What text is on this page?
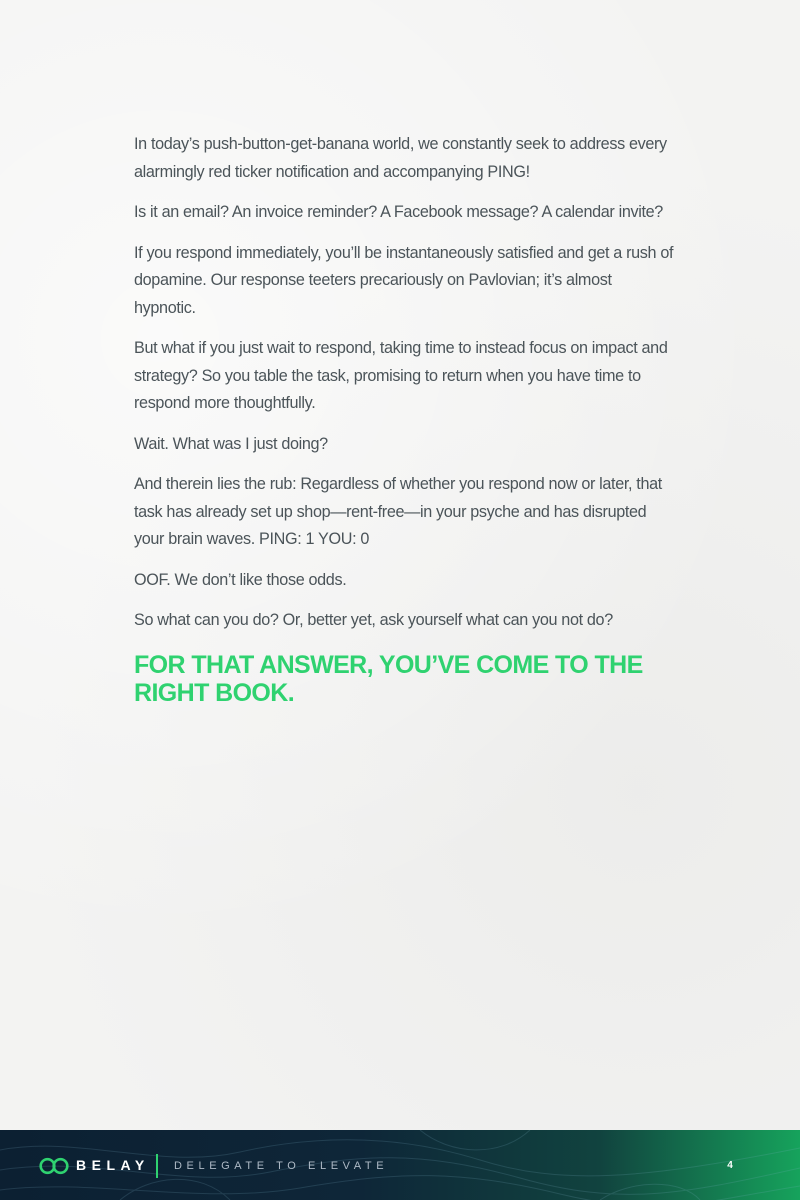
In today’s push-button-get-banana world, we constantly seek to address every alarmingly red ticker notification and accompanying PING!

Is it an email? An invoice reminder? A Facebook message? A calendar invite?

If you respond immediately, you’ll be instantaneously satisfied and get a rush of dopamine. Our response teeters precariously on Pavlovian; it’s almost hypnotic.

But what if you just wait to respond, taking time to instead focus on impact and strategy? So you table the task, promising to return when you have time to respond more thoughtfully.

Wait. What was I just doing?

And therein lies the rub: Regardless of whether you respond now or later, that task has already set up shop—rent-free—in your psyche and has disrupted your brain waves. PING: 1 YOU: 0

OOF. We don’t like those odds.

So what can you do? Or, better yet, ask yourself what can you not do?

FOR THAT ANSWER, YOU’VE COME TO THE RIGHT BOOK.
BELAY DELEGATE TO ELEVATE	4
